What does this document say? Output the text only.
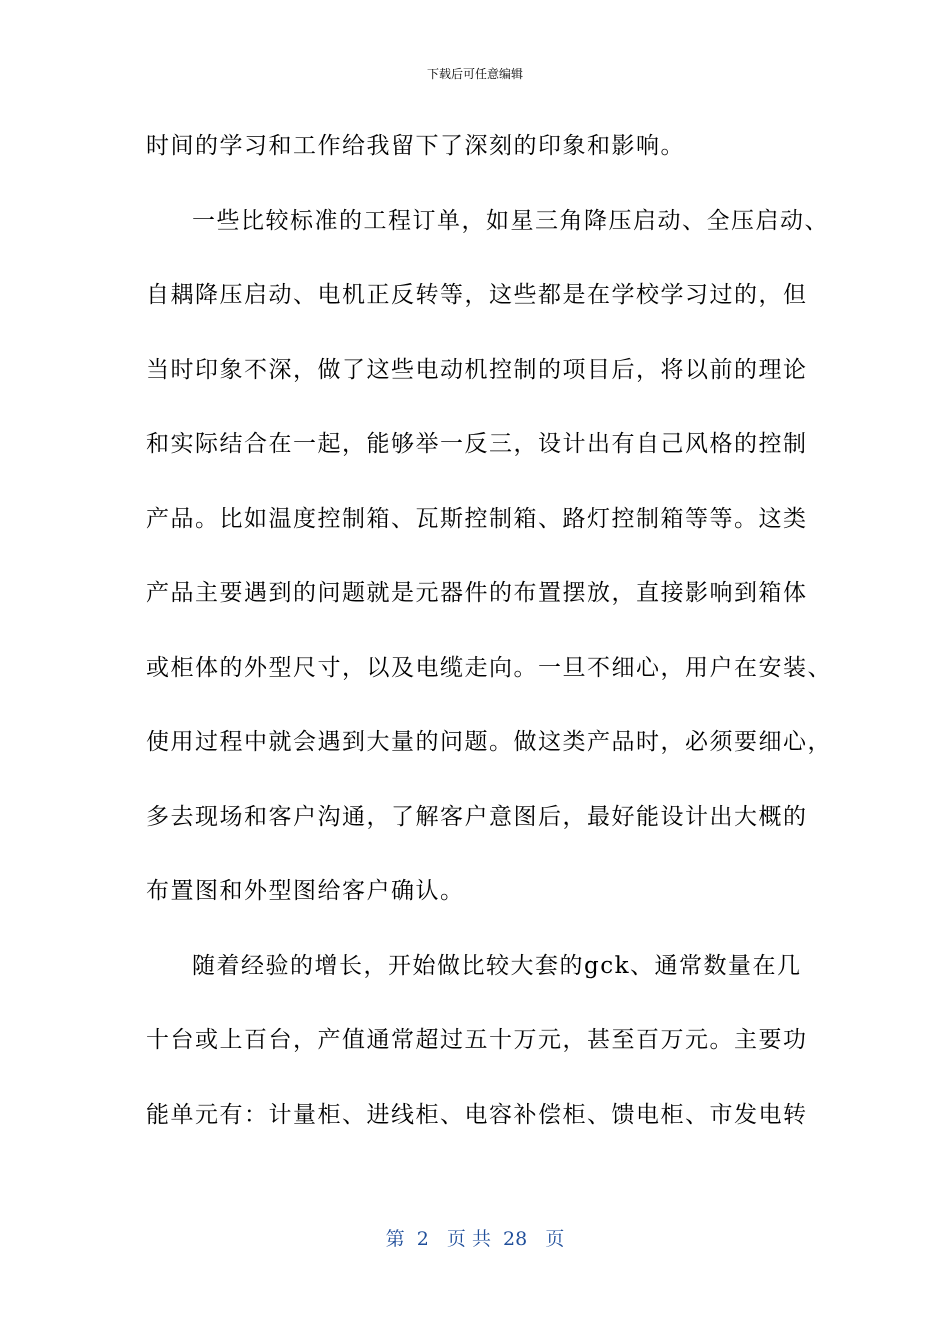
下载后可任意编辑
时间的学习和工作给我留下了深刻的印象和影响。
一些比较标准的工程订单，如星三角降压启动、全压启动、
自耦降压启动、电机正反转等，这些都是在学校学习过的，但
当时印象不深，做了这些电动机控制的项目后，将以前的理论
和实际结合在一起，能够举一反三，设计出有自己风格的控制
产品。比如温度控制箱、瓦斯控制箱、路灯控制箱等等。这类
产品主要遇到的问题就是元器件的布置摆放，直接影响到箱体
或柜体的外型尺寸，以及电缆走向。一旦不细心，用户在安装、
使用过程中就会遇到大量的问题。做这类产品时，必须要细心，
多去现场和客户沟通，了解客户意图后，最好能设计出大概的
布置图和外型图给客户确认。
随着经验的增长，开始做比较大套的gck、通常数量在几
十台或上百台，产值通常超过五十万元，甚至百万元。主要功
能单元有：计量柜、进线柜、电容补偿柜、馈电柜、市发电转
第  2   页 共  28   页
